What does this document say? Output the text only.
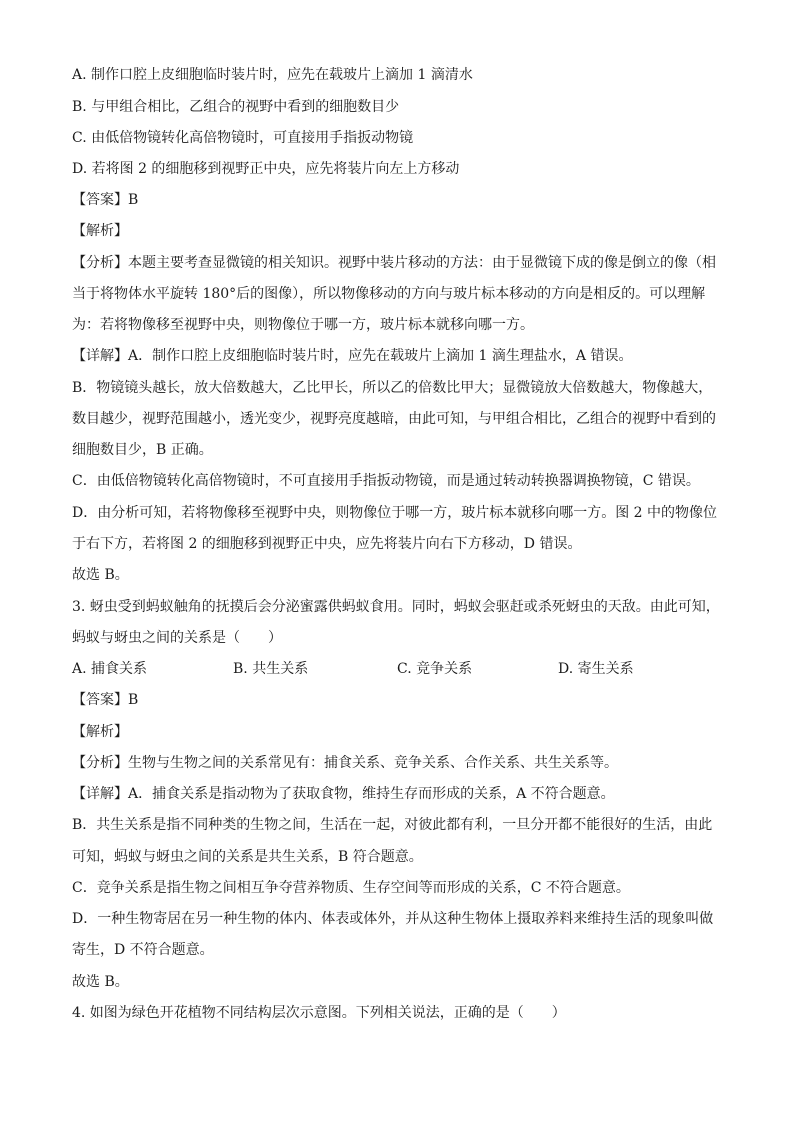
A. 制作口腔上皮细胞临时装片时，应先在载玻片上滴加 1 滴清水
B. 与甲组合相比，乙组合的视野中看到的细胞数目少
C. 由低倍物镜转化高倍物镜时，可直接用手指扳动物镜
D. 若将图 2 的细胞移到视野正中央，应先将装片向左上方移动
【答案】B
【解析】
【分析】本题主要考查显微镜的相关知识。视野中装片移动的方法：由于显微镜下成的像是倒立的像（相
当于将物体水平旋转 180°后的图像），所以物像移动的方向与玻片标本移动的方向是相反的。可以理解
为：若将物像移至视野中央，则物像位于哪一方，玻片标本就移向哪一方。
【详解】A．制作口腔上皮细胞临时装片时，应先在载玻片上滴加 1 滴生理盐水，A 错误。
B．物镜镜头越长，放大倍数越大，乙比甲长，所以乙的倍数比甲大；显微镜放大倍数越大，物像越大，
数目越少，视野范围越小，透光变少，视野亮度越暗，由此可知，与甲组合相比，乙组合的视野中看到的
细胞数目少，B 正确。
C．由低倍物镜转化高倍物镜时，不可直接用手指扳动物镜，而是通过转动转换器调换物镜，C 错误。
D．由分析可知，若将物像移至视野中央，则物像位于哪一方，玻片标本就移向哪一方。图 2 中的物像位
于右下方，若将图 2 的细胞移到视野正中央，应先将装片向右下方移动，D 错误。
故选 B。
3. 蚜虫受到蚂蚁触角的抚摸后会分泌蜜露供蚂蚁食用。同时，蚂蚁会驱赶或杀死蚜虫的天敌。由此可知，
蚂蚁与蚜虫之间的关系是（　　）
A. 捕食关系	B. 共生关系	C. 竞争关系	D. 寄生关系
【答案】B
【解析】
【分析】生物与生物之间的关系常见有：捕食关系、竞争关系、合作关系、共生关系等。
【详解】A．捕食关系是指动物为了获取食物，维持生存而形成的关系，A 不符合题意。
B．共生关系是指不同种类的生物之间，生活在一起，对彼此都有利，一旦分开都不能很好的生活，由此
可知，蚂蚁与蚜虫之间的关系是共生关系，B 符合题意。
C．竞争关系是指生物之间相互争夺营养物质、生存空间等而形成的关系，C 不符合题意。
D．一种生物寄居在另一种生物的体内、体表或体外，并从这种生物体上摄取养料来维持生活的现象叫做
寄生，D 不符合题意。
故选 B。
4. 如图为绿色开花植物不同结构层次示意图。下列相关说法，正确的是（　　）
